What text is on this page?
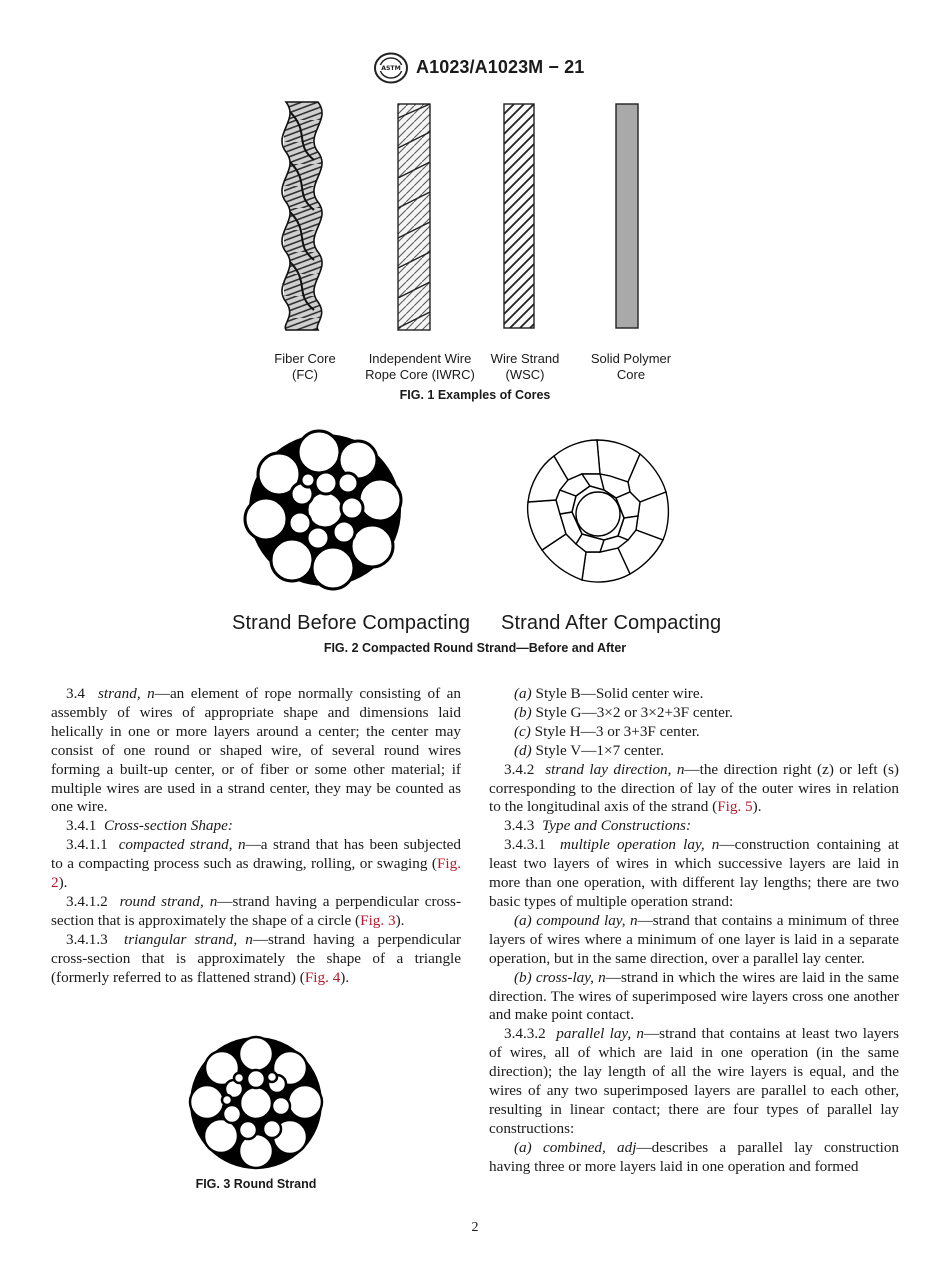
ASTM A1023/A1023M − 21
Fiber Core
(FC)
Independent Wire
Rope Core (IWRC)
Wire Strand
(WSC)
Solid Polymer
Core
FIG. 1 Examples of Cores
Strand Before Compacting Strand After Compacting
FIG. 2 Compacted Round Strand—Before and After

3.4 strand, n—an element of rope normally consisting of an assembly of wires of appropriate shape and dimensions laid helically in one or more layers around a center; the center may consist of one round or shaped wire, of several round wires forming a built-up center, or of fiber or some other material; if multiple wires are used in a strand center, they may be counted as one wire.

3.4.1 Cross-section Shape:

3.4.1.1 compacted strand, n—a strand that has been subjected to a compacting process such as drawing, rolling, or swaging (Fig. 2).

3.4.1.2 round strand, n—strand having a perpendicular cross-section that is approximately the shape of a circle (Fig. 3).

3.4.1.3 triangular strand, n—strand having a perpendicular cross-section that is approximately the shape of a triangle (formerly referred to as flattened strand) (Fig. 4).

FIG. 3 Round Strand

(a) Style B—Solid center wire.

(b) Style G—3×2 or 3×2+3F center.

(c) Style H—3 or 3+3F center.

(d) Style V—1×7 center.

3.4.2 strand lay direction, n—the direction right (z) or left (s) corresponding to the direction of lay of the outer wires in relation to the longitudinal axis of the strand (Fig. 5).

3.4.3 Type and Constructions:

3.4.3.1 multiple operation lay, n—construction containing at least two layers of wires in which successive layers are laid in more than one operation, with different lay lengths; there are two basic types of multiple operation strand:

(a) compound lay, n—strand that contains a minimum of three layers of wires where a minimum of one layer is laid in a separate operation, but in the same direction, over a parallel lay center.

(b) cross-lay, n—strand in which the wires are laid in the same direction. The wires of superimposed wire layers cross one another and make point contact.

3.4.3.2 parallel lay, n—strand that contains at least two layers of wires, all of which are laid in one operation (in the same direction); the lay length of all the wire layers is equal, and the wires of any two superimposed layers are parallel to each other, resulting in linear contact; there are four types of parallel lay constructions:

(a) combined, adj—describes a parallel lay construction having three or more layers laid in one operation and formed

2
